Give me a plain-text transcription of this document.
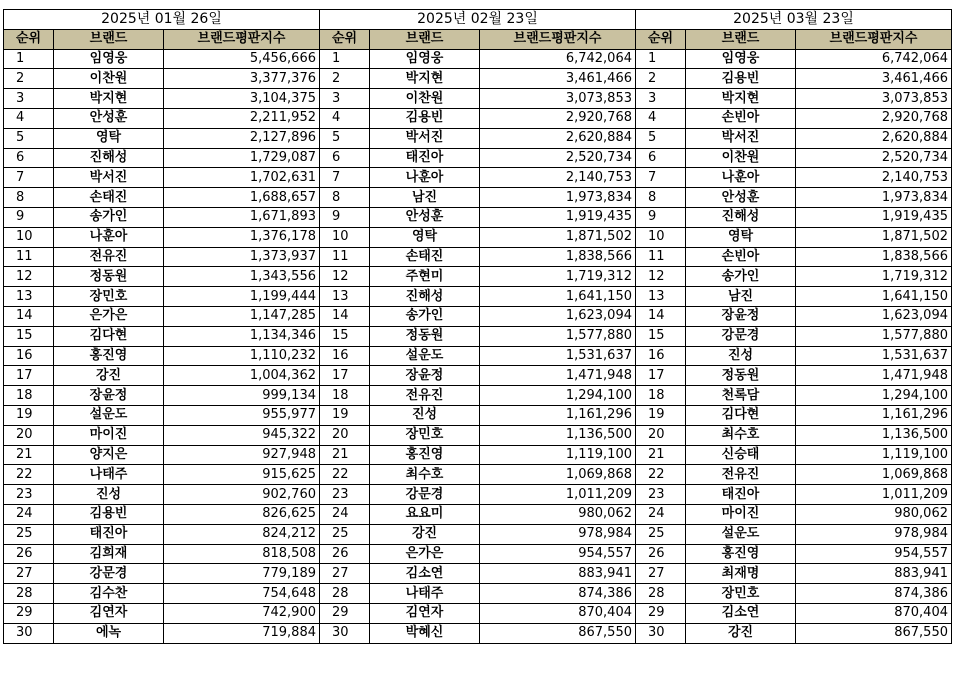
2025년 01월 26일		
순위	브랜드	브랜드평판지수
1	임영웅	5,456,666
2	이찬원	3,377,376
3	박지현	3,104,375
4	안성훈	2,211,952
5	영탁	2,127,896
6	진해성	1,729,087
7	박서진	1,702,631
8	손태진	1,688,657
9	송가인	1,671,893
10	나훈아	1,376,178
11	전유진	1,373,937
12	정동원	1,343,556
13	장민호	1,199,444
14	은가은	1,147,285
15	김다현	1,134,346
16	홍진영	1,110,232
17	강진	1,004,362
18	장윤정	999,134
19	설운도	955,977
20	마이진	945,322
21	양지은	927,948
22	나태주	915,625
23	진성	902,760
24	김용빈	826,625
25	태진아	824,212
26	김희재	818,508
27	강문경	779,189
28	김수찬	754,648
29	김연자	742,900
30	에녹	719,884
2025년 02월 23일		
순위	브랜드	브랜드평판지수
1	임영웅	6,742,064
2	박지현	3,461,466
3	이찬원	3,073,853
4	김용빈	2,920,768
5	박서진	2,620,884
6	태진아	2,520,734
7	나훈아	2,140,753
8	남진	1,973,834
9	안성훈	1,919,435
10	영탁	1,871,502
11	손태진	1,838,566
12	주현미	1,719,312
13	진해성	1,641,150
14	송가인	1,623,094
15	정동원	1,577,880
16	설운도	1,531,637
17	장윤정	1,471,948
18	전유진	1,294,100
19	진성	1,161,296
20	장민호	1,136,500
21	홍진영	1,119,100
22	최수호	1,069,868
23	강문경	1,011,209
24	요요미	980,062
25	강진	978,984
26	은가은	954,557
27	김소연	883,941
28	나태주	874,386
29	김연자	870,404
30	박혜신	867,550
2025년 03월 23일		
순위	브랜드	브랜드평판지수
1	임영웅	6,742,064
2	김용빈	3,461,466
3	박지현	3,073,853
4	손빈아	2,920,768
5	박서진	2,620,884
6	이찬원	2,520,734
7	나훈아	2,140,753
8	안성훈	1,973,834
9	진해성	1,919,435
10	영탁	1,871,502
11	손빈아	1,838,566
12	송가인	1,719,312
13	남진	1,641,150
14	장윤정	1,623,094
15	강문경	1,577,880
16	진성	1,531,637
17	정동원	1,471,948
18	천록담	1,294,100
19	김다현	1,161,296
20	최수호	1,136,500
21	신승태	1,119,100
22	전유진	1,069,868
23	태진아	1,011,209
24	마이진	980,062
25	설운도	978,984
26	홍진영	954,557
27	최재명	883,941
28	장민호	874,386
29	김소연	870,404
30	강진	867,550
